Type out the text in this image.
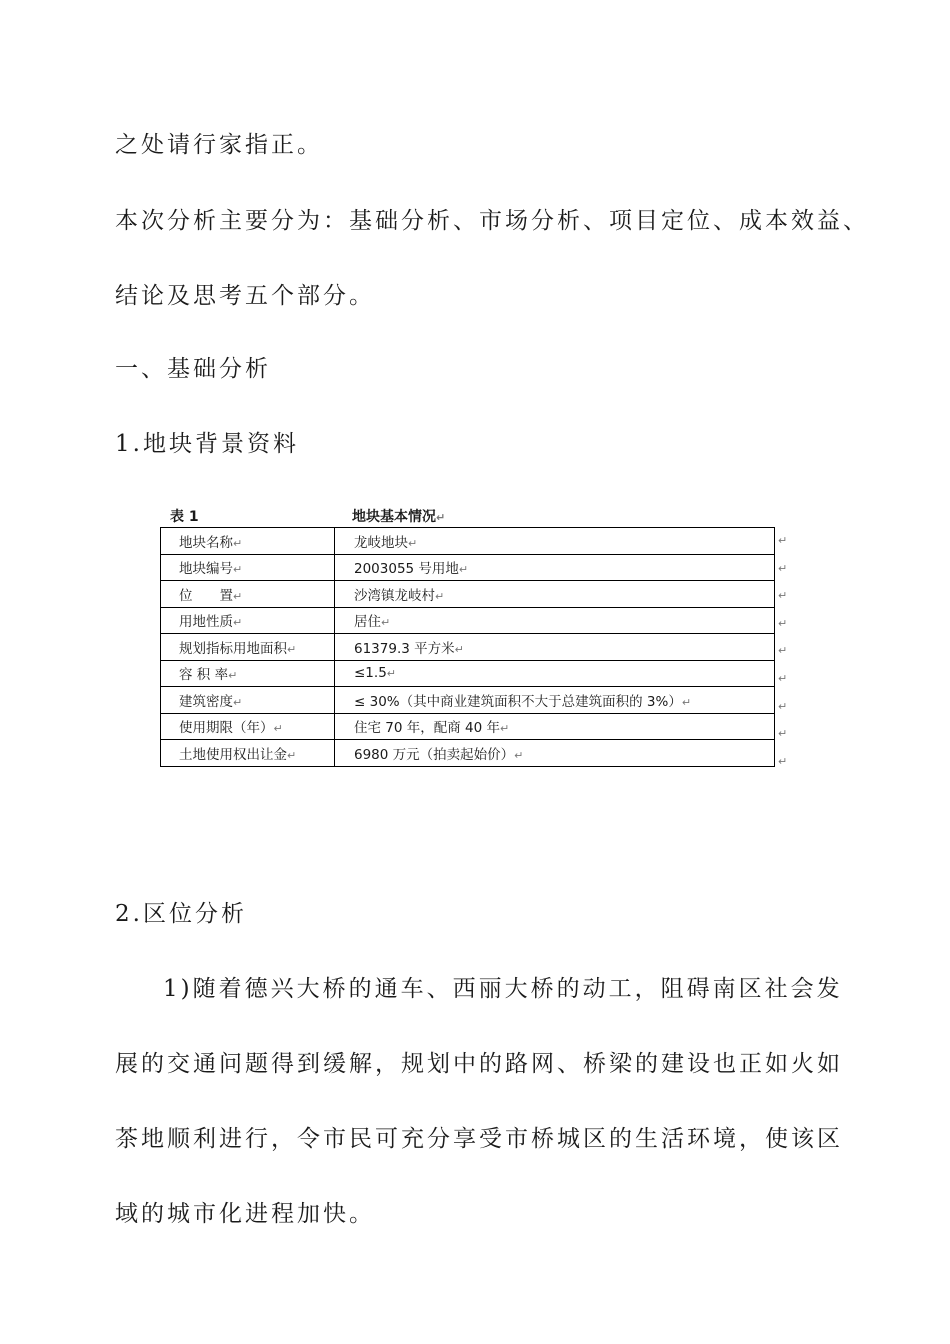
之处请行家指正。

本次分析主要分为：基础分析、市场分析、项目定位、成本效益、

结论及思考五个部分。

一、基础分析

1.地块背景资料

表 1	地块基本情况↵
地块名称↵	龙岐地块↵
地块编号↵	2003055 号用地↵
位　　置↵	沙湾镇龙岐村↵
用地性质↵	居住↵
规划指标用地面积↵	61379.3 平方米↵
容 积 率↵	≤1.5↵
建筑密度↵	≤ 30%（其中商业建筑面积不大于总建筑面积的 3%）↵
使用期限（年）↵	住宅 70 年，配商 40 年↵
土地使用权出让金↵	6980 万元（拍卖起始价）↵
↵
↵
↵
↵
↵
↵
↵
↵
↵

2.区位分析

1)随着德兴大桥的通车、西丽大桥的动工，阻碍南区社会发

展的交通问题得到缓解，规划中的路网、桥梁的建设也正如火如

茶地顺利进行，令市民可充分享受市桥城区的生活环境，使该区

域的城市化进程加快。
